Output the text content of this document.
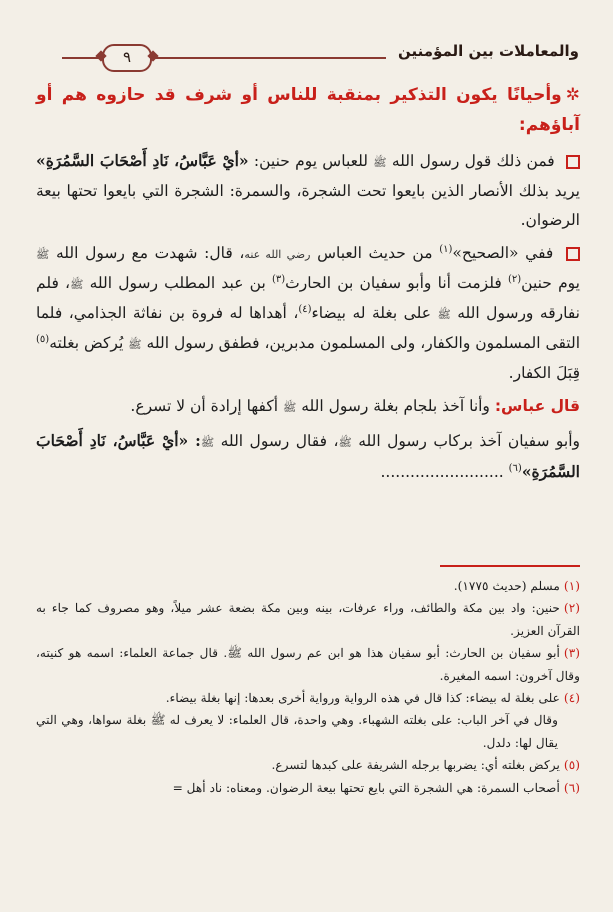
والمعاملات بين المؤمنين
٩

✲وأحيانًا يكون التذكير بمنقبة للناس أو شرف قد حازوه هم أو آباؤهم:

فمن ذلك قول رسول الله ﷺ للعباس يوم حنين: «أيْ عَبَّاسُ، نَادِ أَصْحَابَ السَّمُرَةِ» يريد بذلك الأنصار الذين بايعوا تحت الشجرة، والسمرة: الشجرة التي بايعوا تحتها بيعة الرضوان.

ففي «الصحيح»$^{(١)}$ من حديث العباس رضي الله عنه، قال: شهدت مع رسول الله ﷺ يوم حنين$^{(٢)}$ فلزمت أنا وأبو سفيان بن الحارث$^{(٣)}$ بن عبد المطلب رسول الله ﷺ، فلم نفارقه ورسول الله ﷺ على بغلة له بيضاء$^{(٤)}$، أهداها له فروة بن نفاثة الجذامي، فلما التقى المسلمون والكفار، ولى المسلمون مدبرين، فطفق رسول الله ﷺ يُركض بغلته$^{(٥)}$ قِبَلَ الكفار.

قال عباس: وأنا آخذ بلجام بغلة رسول الله ﷺ أكفها إرادة أن لا تسرع.

وأبو سفيان آخذ بركاب رسول الله ﷺ، فقال رسول الله ﷺ: «أيْ عَبَّاسُ، نَادِ أَصْحَابَ السَّمُرَةِ»$^{(٦)}$ .........................

(١)مسلم (حديث ١٧٧٥).

(٢)حنين: واد بين مكة والطائف، وراء عرفات، بينه وبين مكة بضعة عشر ميلاً، وهو مصروف كما جاء به القرآن العزيز.

(٣)أبو سفيان بن الحارث: أبو سفيان هذا هو ابن عم رسول الله ﷺ. قال جماعة العلماء: اسمه هو كنيته، وقال آخرون: اسمه المغيرة.

(٤)على بغلة له بيضاء: كذا قال في هذه الرواية ورواية أخرى بعدها: إنها بغلة بيضاء.

وقال في آخر الباب: على بغلته الشهباء. وهي واحدة، قال العلماء: لا يعرف له ﷺ بغلة سواها، وهي التي يقال لها: دلدل.

(٥)يركض بغلته أي: يضربها برجله الشريفة على كبدها لتسرع.

(٦)أصحاب السمرة: هي الشجرة التي بايع تحتها بيعة الرضوان. ومعناه: ناد أهل =
